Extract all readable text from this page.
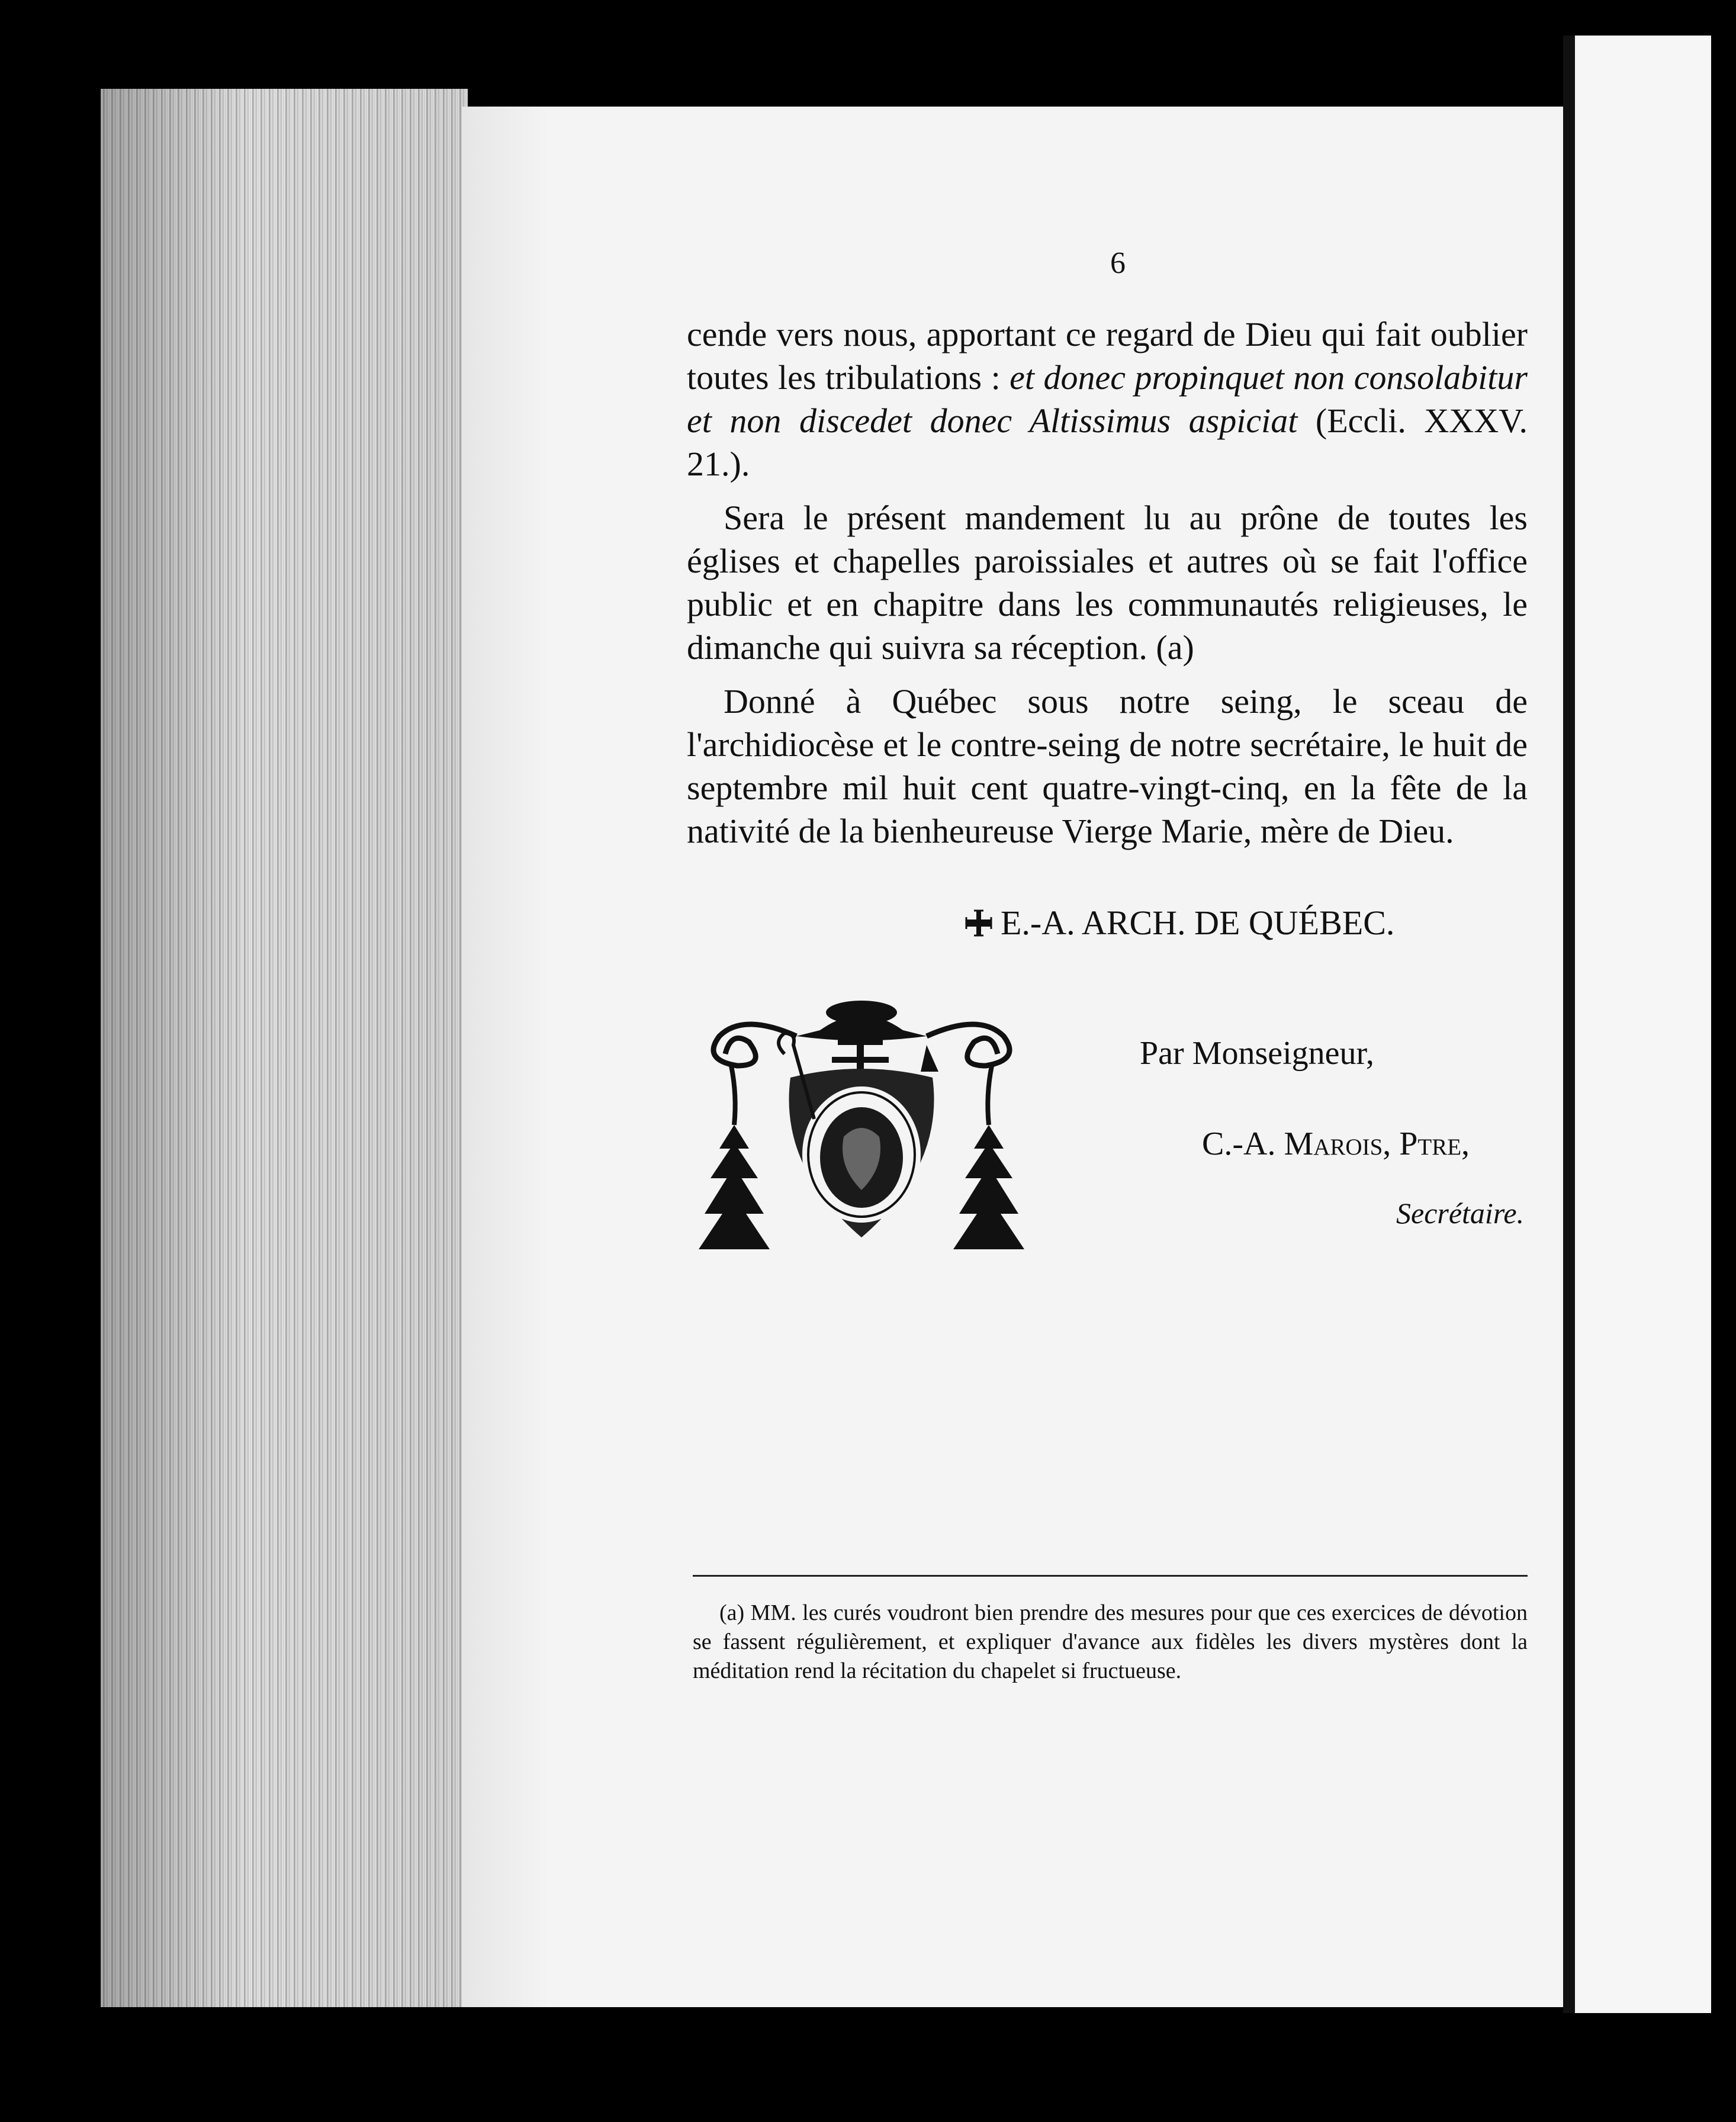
6

cende vers nous, apportant ce regard de Dieu qui fait oublier toutes les tribulations : et donec propinquet non consolabitur et non discedet donec Altissimus aspiciat (Eccli. XXXV. 21.).

Sera le présent mandement lu au prône de toutes les églises et chapelles paroissiales et autres où se fait l'office public et en chapitre dans les communautés religieuses, le dimanche qui suivra sa réception. (a)

Donné à Québec sous notre seing, le sceau de l'archidiocèse et le contre-seing de notre secrétaire, le huit de septembre mil huit cent quatre-vingt-cinq, en la fête de la nativité de la bienheureuse Vierge Marie, mère de Dieu.

E.-A. ARCH. DE QUÉBEC.
Par Monseigneur,
C.-A. Marois, Ptre,
Secrétaire.

(a) MM. les curés voudront bien prendre des mesures pour que ces exercices de dévotion se fassent régulièrement, et expliquer d'avance aux fidèles les divers mystères dont la méditation rend la récitation du chapelet si fructueuse.
